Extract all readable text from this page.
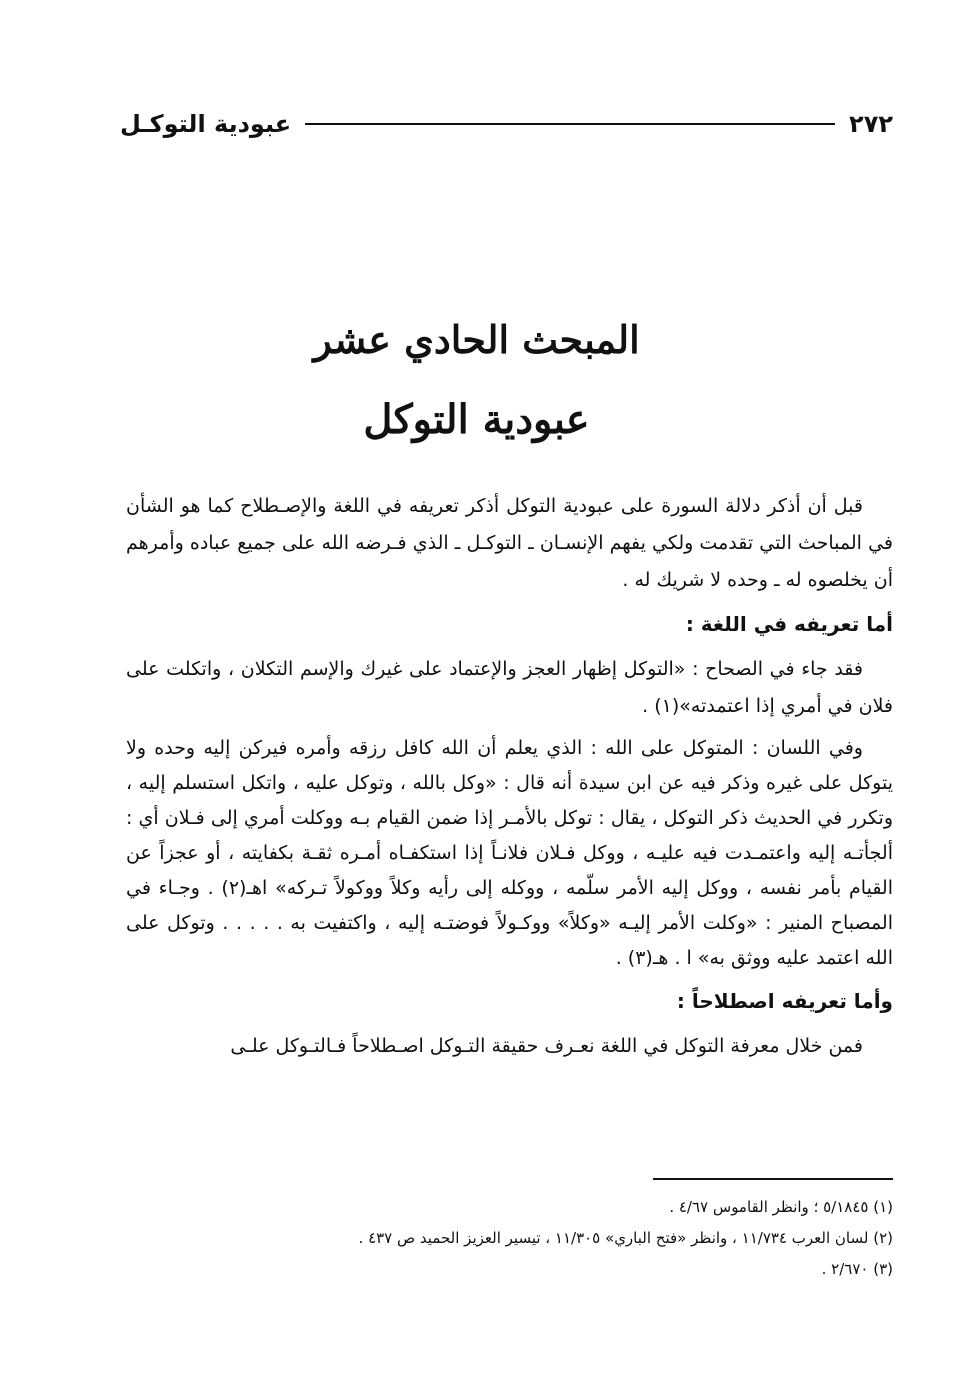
٢٧٢
عبودية التوكـل
المبحث الحادي عشر
عبودية التوكل

قبل أن أذكر دلالة السورة على عبودية التوكل أذكر تعريفه في اللغة والإصـطلاح كما هو الشأن في المباحث التي تقدمت ولكي يفهم الإنسـان ـ التوكـل ـ الذي فـرضه الله على جميع عباده وأمرهم أن يخلصوه له ـ وحده لا شريك له .

أما تعريفه في اللغة :

فقد جاء في الصحاح : «التوكل إظهار العجز والإعتماد على غيرك والإسم التكلان ، واتكلت على فلان في أمري إذا اعتمدته»(١) .

وفي اللسان : المتوكل على الله : الذي يعلم أن الله كافل رزقه وأمره فيركن إليه وحده ولا يتوكل على غيره وذكر فيه عن ابن سيدة أنه قال : «وكل بالله ، وتوكل عليه ، واتكل استسلم إليه ، وتكرر في الحديث ذكر التوكل ، يقال : توكل بالأمـر إذا ضمن القيام بـه ووكلت أمري إلى فـلان أي : ألجأتـه إليه واعتمـدت فيه عليـه ، ووكل فـلان فلانـاً إذا استكفـاه أمـره ثقـة بكفايته ، أو عجزاً عن القيام بأمر نفسه ، ووكل إليه الأمر سلّمه ، ووكله إلى رأيه وكلاً ووكولاً تـركه» اهـ(٢) . وجـاء في المصباح المنير : «وكلت الأمر إليـه «وكلاً» ووكـولاً فوضتـه إليه ، واكتفيت به . . . . . وتوكل على الله اعتمد عليه ووثق به» ا . هـ(٣) .

وأما تعريفه اصطلاحاً :

فمن خلال معرفة التوكل في اللغة نعـرف حقيقة التـوكل اصـطلاحاً فـالتـوكل علـى

(١) ٥/١٨٤٥ ؛ وانظر القاموس ٤/٦٧ .

(٢) لسان العرب ١١/٧٣٤ ، وانظر «فتح الباري» ١١/٣٠٥ ، تيسير العزيز الحميد ص ٤٣٧ .

(٣) ٢/٦٧٠ .
